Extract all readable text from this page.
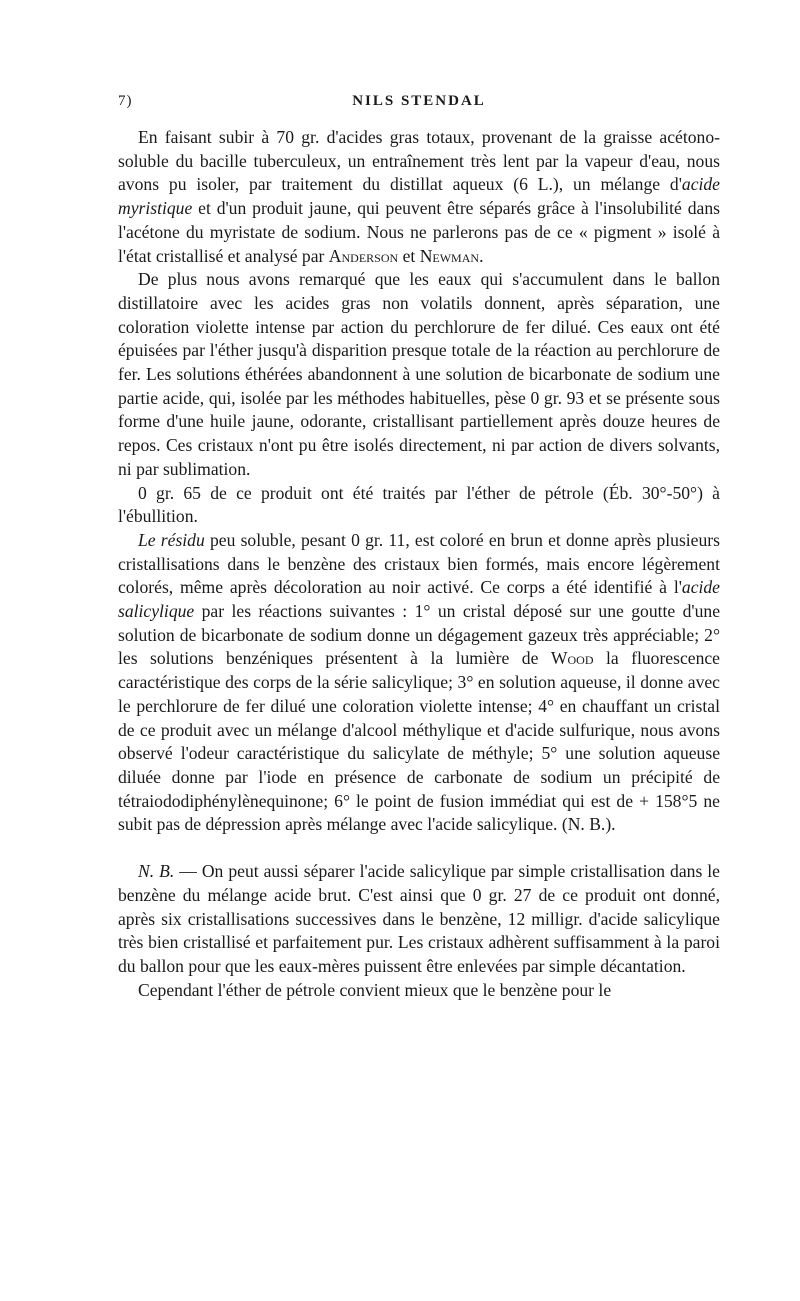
7)	NILS STENDAL

En faisant subir à 70 gr. d'acides gras totaux, provenant de la graisse acétono-soluble du bacille tuberculeux, un entraînement très lent par la vapeur d'eau, nous avons pu isoler, par traitement du distillat aqueux (6 L.), un mélange d'acide myristique et d'un produit jaune, qui peuvent être séparés grâce à l'insolubilité dans l'acétone du myristate de sodium. Nous ne parlerons pas de ce « pigment » isolé à l'état cristallisé et analysé par Anderson et Newman.

De plus nous avons remarqué que les eaux qui s'accumulent dans le ballon distillatoire avec les acides gras non volatils donnent, après séparation, une coloration violette intense par action du perchlorure de fer dilué. Ces eaux ont été épuisées par l'éther jusqu'à disparition presque totale de la réaction au perchlorure de fer. Les solutions éthérées abandonnent à une solution de bicarbonate de sodium une partie acide, qui, isolée par les méthodes habituelles, pèse 0 gr. 93 et se présente sous forme d'une huile jaune, odorante, cristallisant partiellement après douze heures de repos. Ces cristaux n'ont pu être isolés directement, ni par action de divers solvants, ni par sublimation.

0 gr. 65 de ce produit ont été traités par l'éther de pétrole (Éb. 30°-50°) à l'ébullition.

Le résidu peu soluble, pesant 0 gr. 11, est coloré en brun et donne après plusieurs cristallisations dans le benzène des cristaux bien formés, mais encore légèrement colorés, même après décoloration au noir activé. Ce corps a été identifié à l'acide salicylique par les réactions suivantes : 1° un cristal déposé sur une goutte d'une solution de bicarbonate de sodium donne un dégagement gazeux très appréciable; 2° les solutions benzéniques présentent à la lumière de Wood la fluorescence caractéristique des corps de la série salicylique; 3° en solution aqueuse, il donne avec le perchlorure de fer dilué une coloration violette intense; 4° en chauffant un cristal de ce produit avec un mélange d'alcool méthylique et d'acide sulfurique, nous avons observé l'odeur caractéristique du salicylate de méthyle; 5° une solution aqueuse diluée donne par l'iode en présence de carbonate de sodium un précipité de tétraiododiphénylènequinone; 6° le point de fusion immédiat qui est de + 158°5 ne subit pas de dépression après mélange avec l'acide salicylique. (N. B.).

N. B. — On peut aussi séparer l'acide salicylique par simple cristallisation dans le benzène du mélange acide brut. C'est ainsi que 0 gr. 27 de ce produit ont donné, après six cristallisations successives dans le benzène, 12 milligr. d'acide salicylique très bien cristallisé et parfaitement pur. Les cristaux adhèrent suffisamment à la paroi du ballon pour que les eaux-mères puissent être enlevées par simple décantation.

Cependant l'éther de pétrole convient mieux que le benzène pour le
